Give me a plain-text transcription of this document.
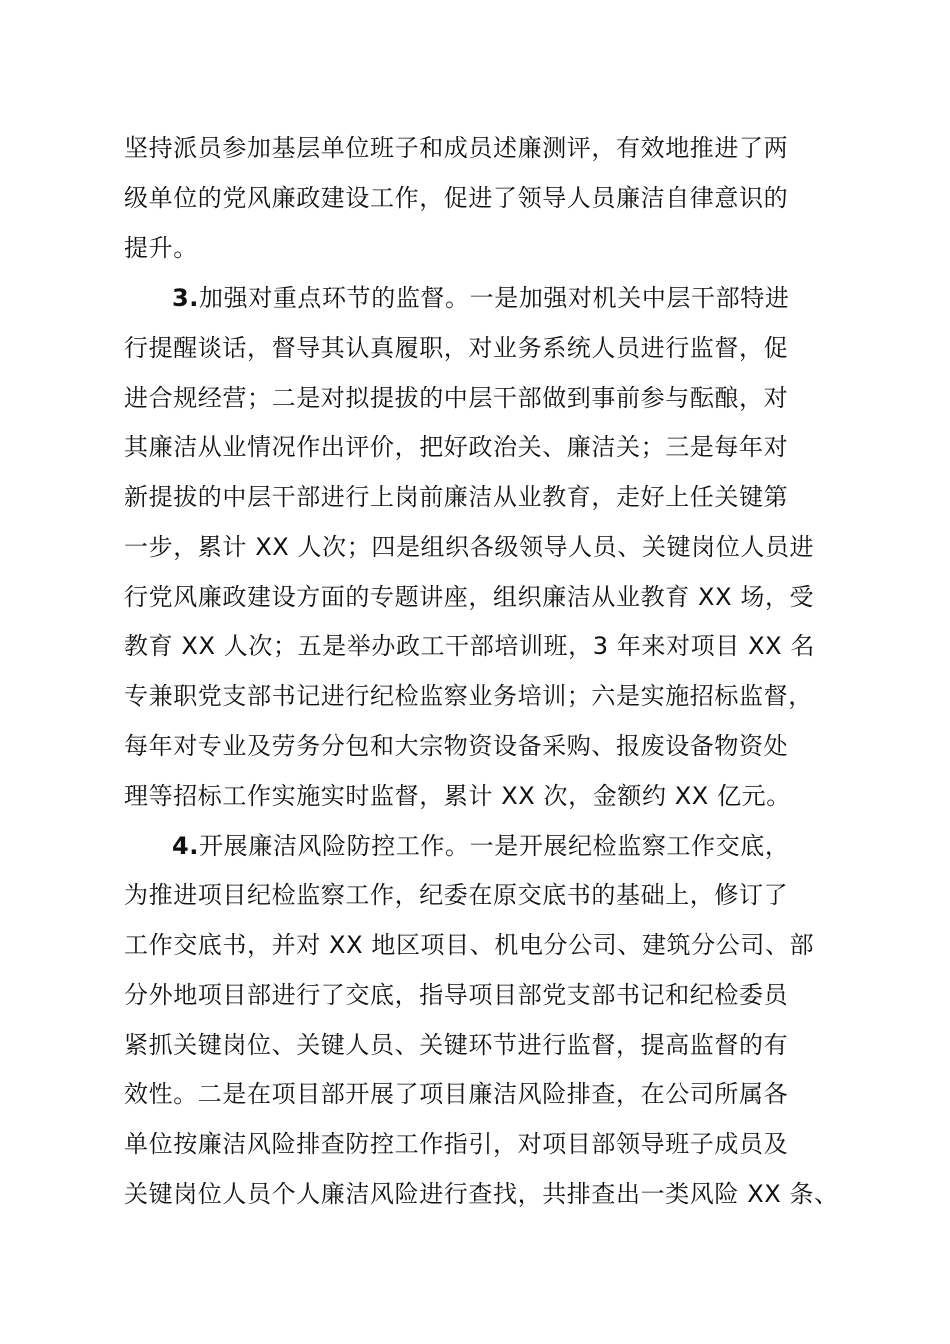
坚持派员参加基层单位班子和成员述廉测评，有效地推进了两
级单位的党风廉政建设工作，促进了领导人员廉洁自律意识的
提升。
3.加强对重点环节的监督。一是加强对机关中层干部特进
行提醒谈话，督导其认真履职，对业务系统人员进行监督，促
进合规经营；二是对拟提拔的中层干部做到事前参与酝酿，对
其廉洁从业情况作出评价，把好政治关、廉洁关；三是每年对
新提拔的中层干部进行上岗前廉洁从业教育，走好上任关键第
一步，累计 XX 人次；四是组织各级领导人员、关键岗位人员进
行党风廉政建设方面的专题讲座，组织廉洁从业教育 XX 场，受
教育 XX 人次；五是举办政工干部培训班，3 年来对项目 XX 名
专兼职党支部书记进行纪检监察业务培训；六是实施招标监督，
每年对专业及劳务分包和大宗物资设备采购、报废设备物资处
理等招标工作实施实时监督，累计 XX 次，金额约 XX 亿元。
4.开展廉洁风险防控工作。一是开展纪检监察工作交底，
为推进项目纪检监察工作，纪委在原交底书的基础上，修订了
工作交底书，并对 XX 地区项目、机电分公司、建筑分公司、部
分外地项目部进行了交底，指导项目部党支部书记和纪检委员
紧抓关键岗位、关键人员、关键环节进行监督，提高监督的有
效性。二是在项目部开展了项目廉洁风险排查，在公司所属各
单位按廉洁风险排查防控工作指引，对项目部领导班子成员及
关键岗位人员个人廉洁风险进行查找，共排查出一类风险 XX 条、
